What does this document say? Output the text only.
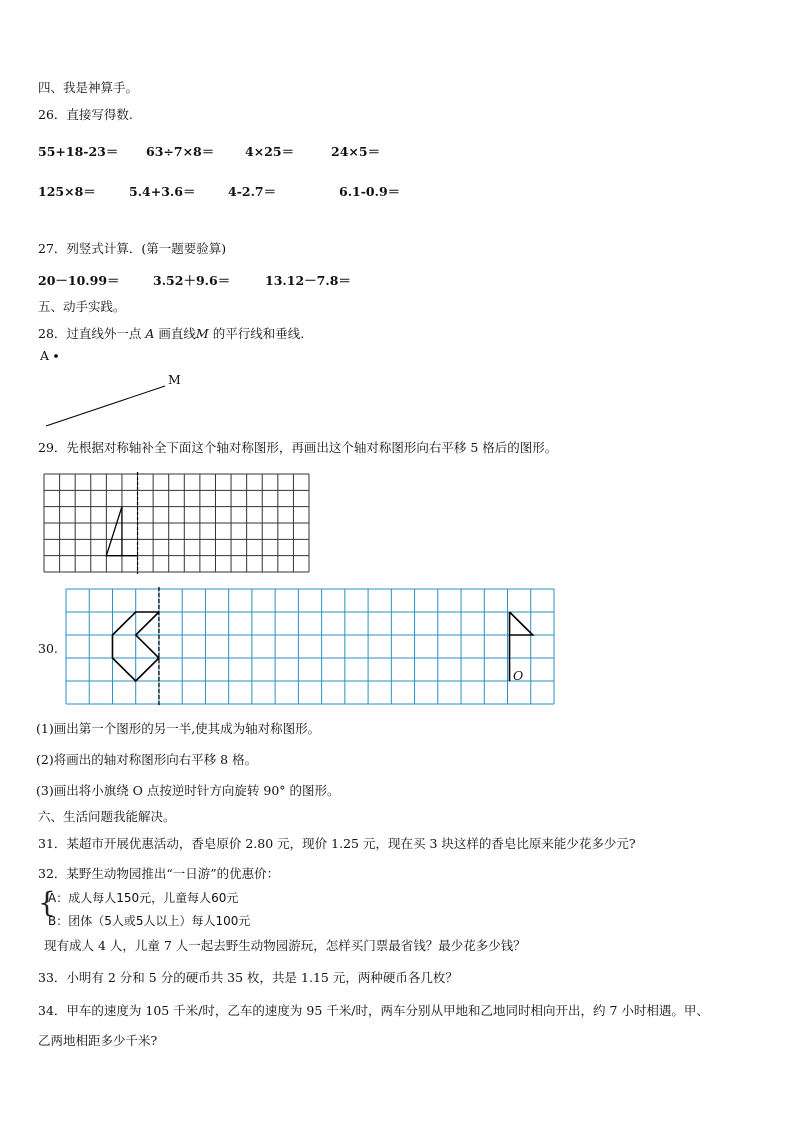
四、我是神算手。
26．直接写得数.
55+18-23＝ 63÷7×8＝ 4×25＝	24×5＝
125×8＝	5.4+3.6＝	4-2.7＝	6.1-0.9＝
27．列竖式计算．(第一题要验算)
20－10.99＝	3.52＋9.6＝	13.12－7.8＝
五、动手实践。
28．过直线外一点 A 画直线M 的平行线和垂线.
A
M
29．先根据对称轴补全下面这个轴对称图形，再画出这个轴对称图形向右平移 5 格后的图形。
30.
O
(1)画出第一个图形的另一半,使其成为轴对称图形。
(2)将画出的轴对称图形向右平移 8 格。
(3)画出将小旗绕 O 点按逆时针方向旋转 90° 的图形。
六、生活问题我能解决。
31．某超市开展优惠活动，香皂原价 2.80 元，现价 1.25 元，现在买 3 块这样的香皂比原来能少花多少元?
32．某野生动物园推出“一日游”的优惠价：
{
A：成人每人150元，儿童每人60元
B：团体（5人或5人以上）每人100元
现有成人 4 人，儿童 7 人一起去野生动物园游玩，怎样买门票最省钱？最少花多少钱？
33．小明有 2 分和 5 分的硬币共 35 枚，共是 1.15 元，两种硬币各几枚？
34．甲车的速度为 105 千米/时，乙车的速度为 95 千米/时，两车分别从甲地和乙地同时相向开出，约 7 小时相遇。甲、
乙两地相距多少千米?
